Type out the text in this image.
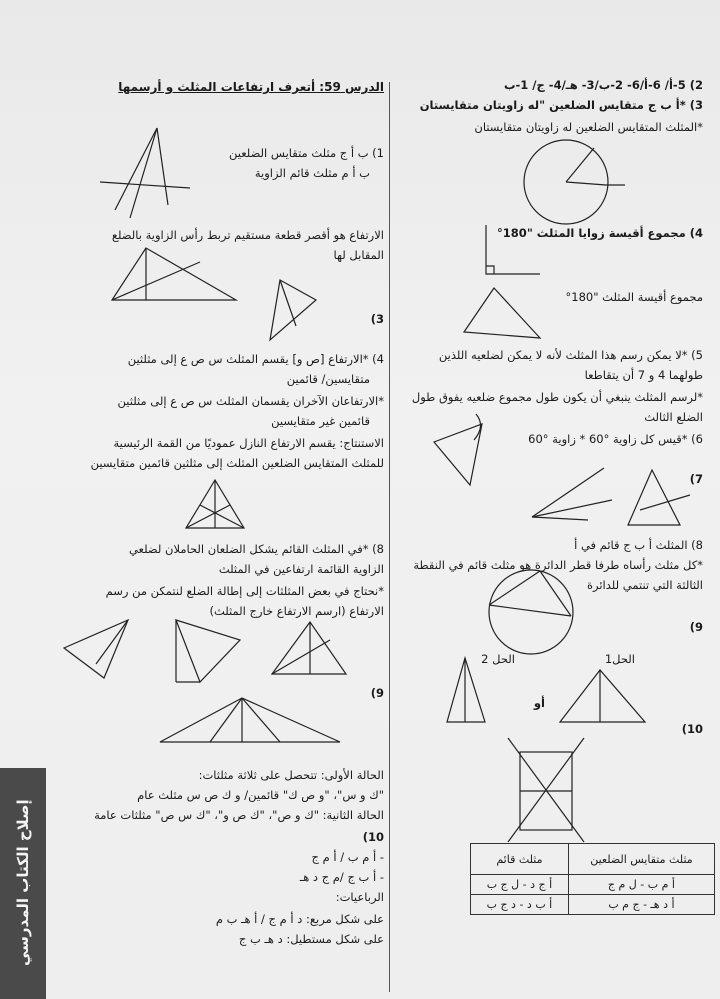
2) 5-أ/ 6-أ/6- 2-ب/3- هـ/4- ج/ 1-ب
3) *أ ب ج متقايس الضلعين "له زاويتان متقايستان
*المثلث المتقايس الضلعين له زاويتان متقايستان
4) مجموع أقيسة زوايا المثلث "180°
مجموع أقيسة المثلث "180°
5) *لا يمكن رسم هذا المثلث لأنه لا يمكن لضلعيه اللذين
طولهما 4 و 7 أن يتقاطعا
*لرسم المثلث ينبغي أن يكون طول مجموع ضلعيه يفوق طول
الضلع الثالث
6) *قيس كل زاوية °60 * زاوية °60
7)
8) المثلث أ ب ج قائم في أ
*كل مثلث رأساه طرفا قطر الدائرة هو مثلث قائم في النقطة
الثالثة التي تنتمي للدائرة
9)
الحل1
الحل 2
أو
10)
مثلث متقايس الضلعين	مثلث قائم
أ م ب - ل م ج	أ ج د - ل ج ب
أ د هـ - ج م ب	أ ب د - د ج ب
الدرس 59: أتعرف ارتفاعات المثلث و أرسمها
1) ب أ ج مثلث متقايس الضلعين
ب أ م مثلث قائم الزاوية
الارتفاع هو أقصر قطعة مستقيم تربط رأس الزاوية بالضلع
المقابل لها
3)
4) *الارتفاع [ص و] يقسم المثلث س ص ع إلى مثلثين
متقايسين/ قائمين
*الارتفاعان الآخران يقسمان المثلث س ص ع إلى مثلثين
قائمين غير متقايسين
الاستنتاج: يقسم الارتفاع النازل عموديًا من القمة الرئيسية
للمثلث المتقايس الضلعين المثلث إلى مثلثين قائمين متقايسين
8) *في المثلث القائم يشكل الضلعان الحاملان لضلعي
الزاوية القائمة ارتفاعين في المثلث
*نحتاج في بعض المثلثات إلى إطالة الضلع لنتمكن من رسم
الارتفاع (ارسم الارتفاع خارج المثلث)
9)
الحالة الأولى: تتحصل على ثلاثة مثلثات:
"ك و س"، "و ص ك" قائمين/ و ك ص س مثلث عام
الحالة الثانية: "ك و ص"، "ك ص و"، "ك س ص" مثلثات عامة
10)
- أ م ب / أ م ج
- أ ب ج /م ج د هـ
الرباعيات:
على شكل مربع: د أ م ج / أ هـ ب م
على شكل مستطيل: د هـ ب ج
إصلاح الكتاب المدرسي
